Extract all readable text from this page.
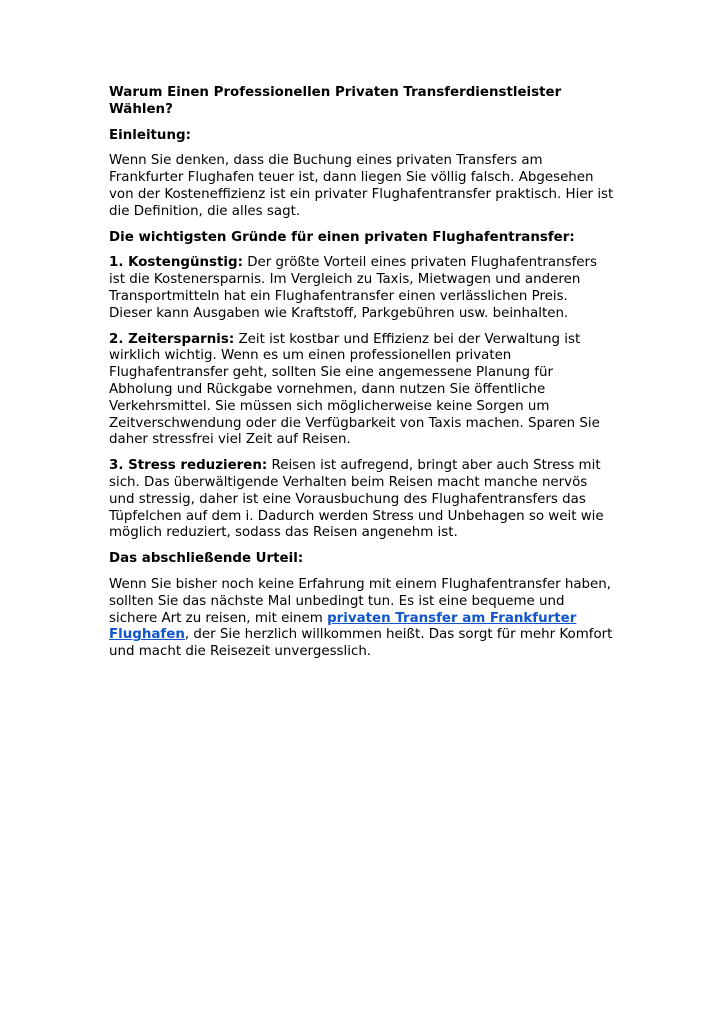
Warum Einen Professionellen Privaten Transferdienstleister Wählen?

Einleitung:

Wenn Sie denken, dass die Buchung eines privaten Transfers am Frankfurter Flughafen teuer ist, dann liegen Sie völlig falsch. Abgesehen von der Kosteneffizienz ist ein privater Flughafentransfer praktisch. Hier ist die Definition, die alles sagt.

Die wichtigsten Gründe für einen privaten Flughafentransfer:

1. Kostengünstig: Der größte Vorteil eines privaten Flughafentransfers ist die Kostenersparnis. Im Vergleich zu Taxis, Mietwagen und anderen Transportmitteln hat ein Flughafentransfer einen verlässlichen Preis. Dieser kann Ausgaben wie Kraftstoff, Parkgebühren usw. beinhalten.

2. Zeitersparnis: Zeit ist kostbar und Effizienz bei der Verwaltung ist wirklich wichtig. Wenn es um einen professionellen privaten Flughafentransfer geht, sollten Sie eine angemessene Planung für Abholung und Rückgabe vornehmen, dann nutzen Sie öffentliche Verkehrsmittel. Sie müssen sich möglicherweise keine Sorgen um Zeitverschwendung oder die Verfügbarkeit von Taxis machen. Sparen Sie daher stressfrei viel Zeit auf Reisen.

3. Stress reduzieren: Reisen ist aufregend, bringt aber auch Stress mit sich. Das überwältigende Verhalten beim Reisen macht manche nervös und stressig, daher ist eine Vorausbuchung des Flughafentransfers das Tüpfelchen auf dem i. Dadurch werden Stress und Unbehagen so weit wie möglich reduziert, sodass das Reisen angenehm ist.

Das abschließende Urteil:

Wenn Sie bisher noch keine Erfahrung mit einem Flughafentransfer haben, sollten Sie das nächste Mal unbedingt tun. Es ist eine bequeme und sichere Art zu reisen, mit einem privaten Transfer am Frankfurter Flughafen, der Sie herzlich willkommen heißt. Das sorgt für mehr Komfort und macht die Reisezeit unvergesslich.
